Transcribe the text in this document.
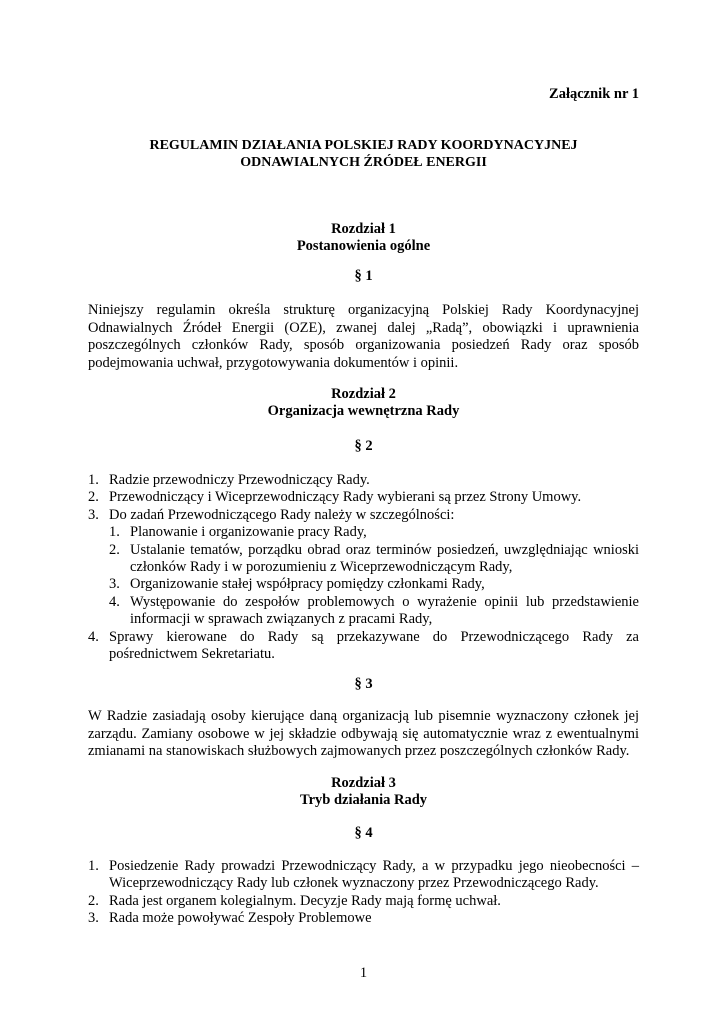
Załącznik nr 1
REGULAMIN DZIAŁANIA POLSKIEJ RADY KOORDYNACYJNEJ
ODNAWIALNYCH ŹRÓDEŁ ENERGII
Rozdział 1
Postanowienia ogólne
§ 1
Niniejszy regulamin określa strukturę organizacyjną Polskiej Rady Koordynacyjnej
Odnawialnych Źródeł Energii (OZE), zwanej dalej „Radą”, obowiązki i uprawnienia
poszczególnych członków Rady, sposób organizowania posiedzeń Rady oraz sposób
podejmowania uchwał, przygotowywania dokumentów i opinii.
Rozdział 2
Organizacja wewnętrzna Rady
§ 2
1. Radzie przewodniczy Przewodniczący Rady.
2. Przewodniczący i Wiceprzewodniczący Rady wybierani są przez Strony Umowy.
3. Do zadań Przewodniczącego Rady należy w szczególności:
1. Planowanie i organizowanie pracy Rady,
2. Ustalanie tematów, porządku obrad oraz terminów posiedzeń, uwzględniając wnioski
członków Rady i w porozumieniu z Wiceprzewodniczącym Rady,
3. Organizowanie stałej współpracy pomiędzy członkami Rady,
4. Występowanie do zespołów problemowych o wyrażenie opinii lub przedstawienie
informacji w sprawach związanych z pracami Rady,
4. Sprawy kierowane do Rady są przekazywane do Przewodniczącego Rady za
pośrednictwem Sekretariatu.
§ 3
W Radzie zasiadają osoby kierujące daną organizacją lub pisemnie wyznaczony członek jej
zarządu. Zamiany osobowe w jej składzie odbywają się automatycznie wraz z ewentualnymi
zmianami na stanowiskach służbowych zajmowanych przez poszczególnych członków Rady.
Rozdział 3
Tryb działania Rady
§ 4
1. Posiedzenie Rady prowadzi Przewodniczący Rady, a w przypadku jego nieobecności –
Wiceprzewodniczący Rady lub członek wyznaczony przez Przewodniczącego Rady.
2. Rada jest organem kolegialnym. Decyzje Rady mają formę uchwał.
3. Rada może powoływać Zespoły Problemowe
1
